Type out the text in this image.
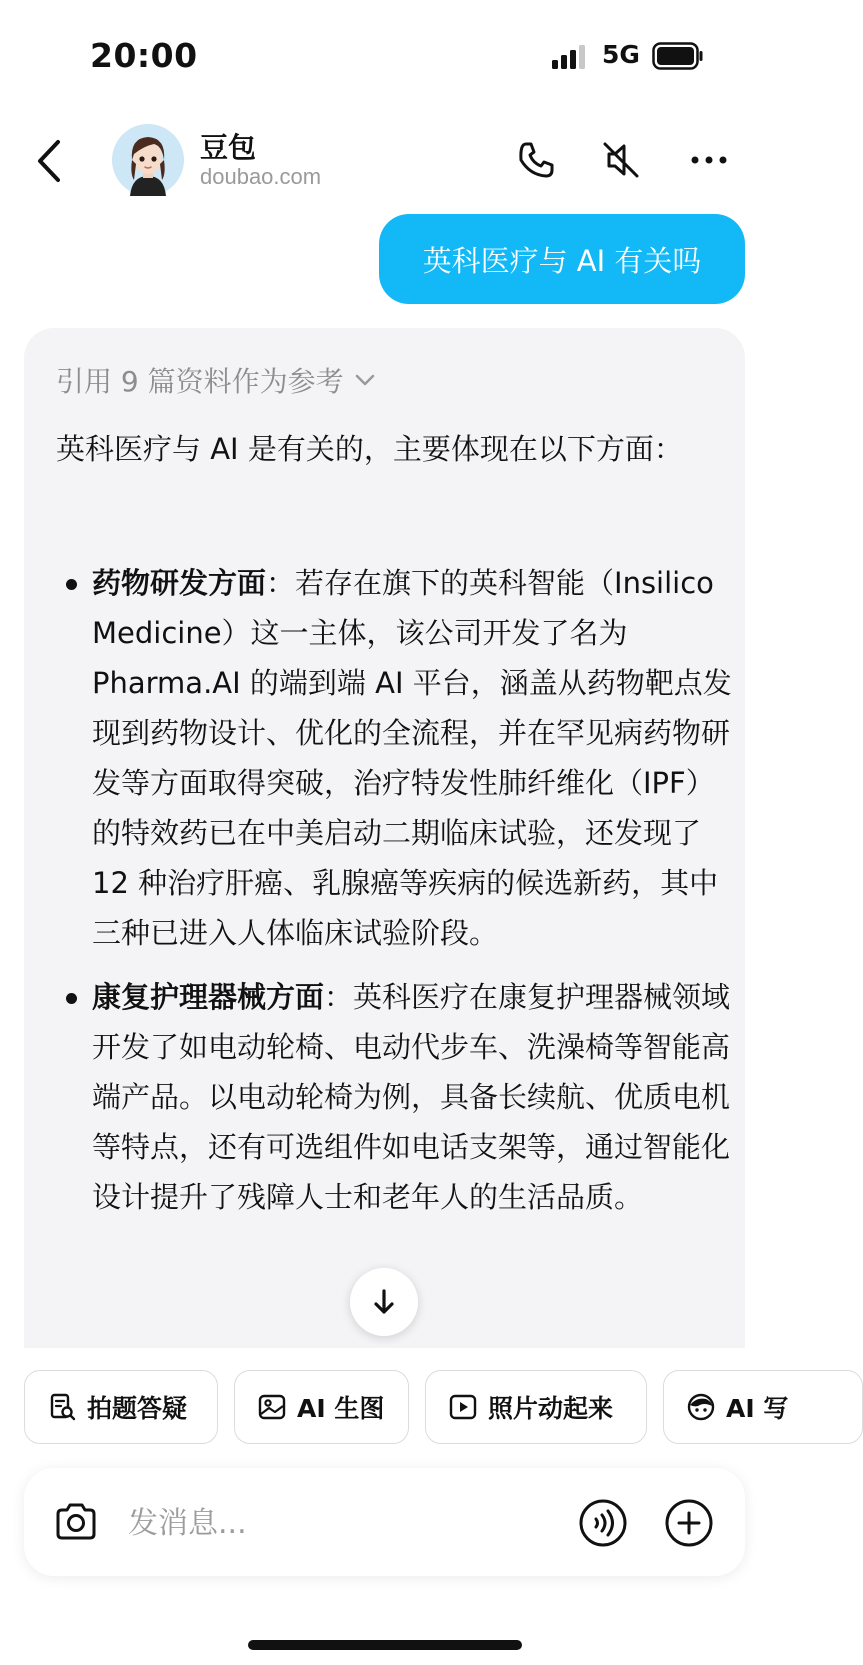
20:00	5G
豆包
doubao.com
英科医疗与 AI 有关吗
引用 9 篇资料作为参考
英科医疗与 AI 是有关的，主要体现在以下方面：
药物研发方面：若存在旗下的英科智能（Insilico Medicine）这一主体，该公司开发了名为 Pharma.AI 的端到端 AI 平台，涵盖从药物靶点发现到药物设计、优化的全流程，并在罕见病药物研发等方面取得突破，治疗特发性肺纤维化（IPF）的特效药已在中美启动二期临床试验，还发现了 12 种治疗肝癌、乳腺癌等疾病的候选新药，其中三种已进入人体临床试验阶段。
康复护理器械方面：英科医疗在康复护理器械领域开发了如电动轮椅、电动代步车、洗澡椅等智能高端产品。以电动轮椅为例，具备长续航、优质电机等特点，还有可选组件如电话支架等，通过智能化设计提升了残障人士和老年人的生活品质。
拍题答疑	AI 生图	照片动起来	AI 写
发消息...
